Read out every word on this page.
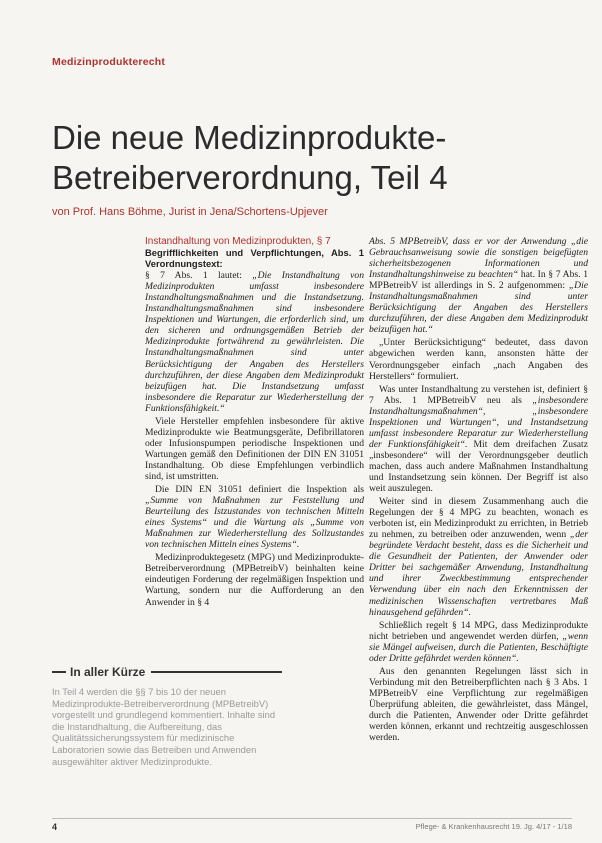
Medizinprodukterecht
Die neue Medizinprodukte-
Betreiberverordnung, Teil 4
von Prof. Hans Böhme, Jurist in Jena/Schortens-Upjever

Instandhaltung von Medizinprodukten, § 7

Begrifflichkeiten und Verpflichtungen, Abs. 1 Verordnungstext:

§ 7 Abs. 1 lautet: „Die Instandhaltung von Medizinprodukten umfasst insbesondere Instandhaltungsmaßnahmen und die Instandsetzung. Instandhaltungsmaßnahmen sind insbesondere Inspektionen und Wartungen, die erforderlich sind, um den sicheren und ordnungsgemäßen Betrieb der Medizinprodukte fortwährend zu gewährleisten. Die Instandhaltungsmaßnahmen sind unter Berücksichtigung der Angaben des Herstellers durchzuführen, der diese Angaben dem Medizinprodukt beizufügen hat. Die Instandsetzung umfasst insbesondere die Reparatur zur Wiederherstellung der Funktionsfähigkeit.“

Viele Hersteller empfehlen insbesondere für aktive Medizinprodukte wie Beatmungsgeräte, Defibrillatoren oder Infusionspumpen periodische Inspektionen und Wartungen gemäß den Definitionen der DIN EN 31051 Instandhaltung. Ob diese Empfehlungen verbindlich sind, ist umstritten.

Die DIN EN 31051 definiert die Inspektion als „Summe von Maßnahmen zur Feststellung und Beurteilung des Istzustandes von technischen Mitteln eines Systems“ und die Wartung als „Summe von Maßnahmen zur Wiederherstellung des Sollzustandes von technischen Mitteln eines Systems“.

Medizinproduktegesetz (MPG) und Medizinprodukte-Betreiberverordnung (MPBetreibV) beinhalten keine eindeutigen Forderung der regelmäßigen Inspektion und Wartung, sondern nur die Aufforderung an den Anwender in § 4

Abs. 5 MPBetreibV, dass er vor der Anwendung „die Gebrauchsanweisung sowie die sonstigen beigefügten sicherheitsbezogenen Informationen und Instandhaltungshinweise zu beachten“ hat. In § 7 Abs. 1 MPBetreibV ist allerdings in S. 2 aufgenommen: „Die Instandhaltungsmaßnahmen sind unter Berücksichtigung der Angaben des Herstellers durchzuführen, der diese Angaben dem Medizinprodukt beizufügen hat.“

„Unter Berücksichtigung“ bedeutet, dass davon abgewichen werden kann, ansonsten hätte der Verordnungsgeber einfach „nach Angaben des Herstellers“ formuliert.

Was unter Instandhaltung zu verstehen ist, definiert § 7 Abs. 1 MPBetreibV neu als „insbesondere Instandhaltungsmaßnahmen“, „insbesondere Inspektionen und Wartungen“, und Instandsetzung umfasst insbesondere Reparatur zur Wiederherstellung der Funktionsfähigkeit“. Mit dem dreifachen Zusatz „insbesondere“ will der Verordnungsgeber deutlich machen, dass auch andere Maßnahmen Instandhaltung und Instandsetzung sein können. Der Begriff ist also weit auszulegen.

Weiter sind in diesem Zusammenhang auch die Regelungen der § 4 MPG zu beachten, wonach es verboten ist, ein Medizinprodukt zu errichten, in Betrieb zu nehmen, zu betreiben oder anzuwenden, wenn „der begründete Verdacht besteht, dass es die Sicherheit und die Gesundheit der Patienten, der Anwender oder Dritter bei sachgemäßer Anwendung, Instandhaltung und ihrer Zweckbestimmung entsprechender Verwendung über ein nach den Erkenntnissen der medizinischen Wissenschaften vertretbares Maß hinausgehend gefährden“.

Schließlich regelt § 14 MPG, dass Medizinprodukte nicht betrieben und angewendet werden dürfen, „wenn sie Mängel aufweisen, durch die Patienten, Beschäftigte oder Dritte gefährdet werden können“.

Aus den genannten Regelungen lässt sich in Verbindung mit den Betreiberpflichten nach § 3 Abs. 1 MPBetreibV eine Verpflichtung zur regelmäßigen Überprüfung ableiten, die gewährleistet, dass Mängel, durch die Patienten, Anwender oder Dritte gefährdet werden können, erkannt und rechtzeitig ausgeschlossen werden.

In aller Kürze
In Teil 4 werden die §§ 7 bis 10 der neuen Medizinprodukte-Betreiberverordnung (MPBetreibV) vorgestellt und grundlegend kommentiert. Inhalte sind die Instandhaltung, die Aufbereitung, das Qualitätssicherungssystem für medizinische Laboratorien sowie das Betreiben und Anwenden ausgewählter aktiver Medizinprodukte.
4	Pflege- & Krankenhausrecht 19. Jg. 4/17 - 1/18
